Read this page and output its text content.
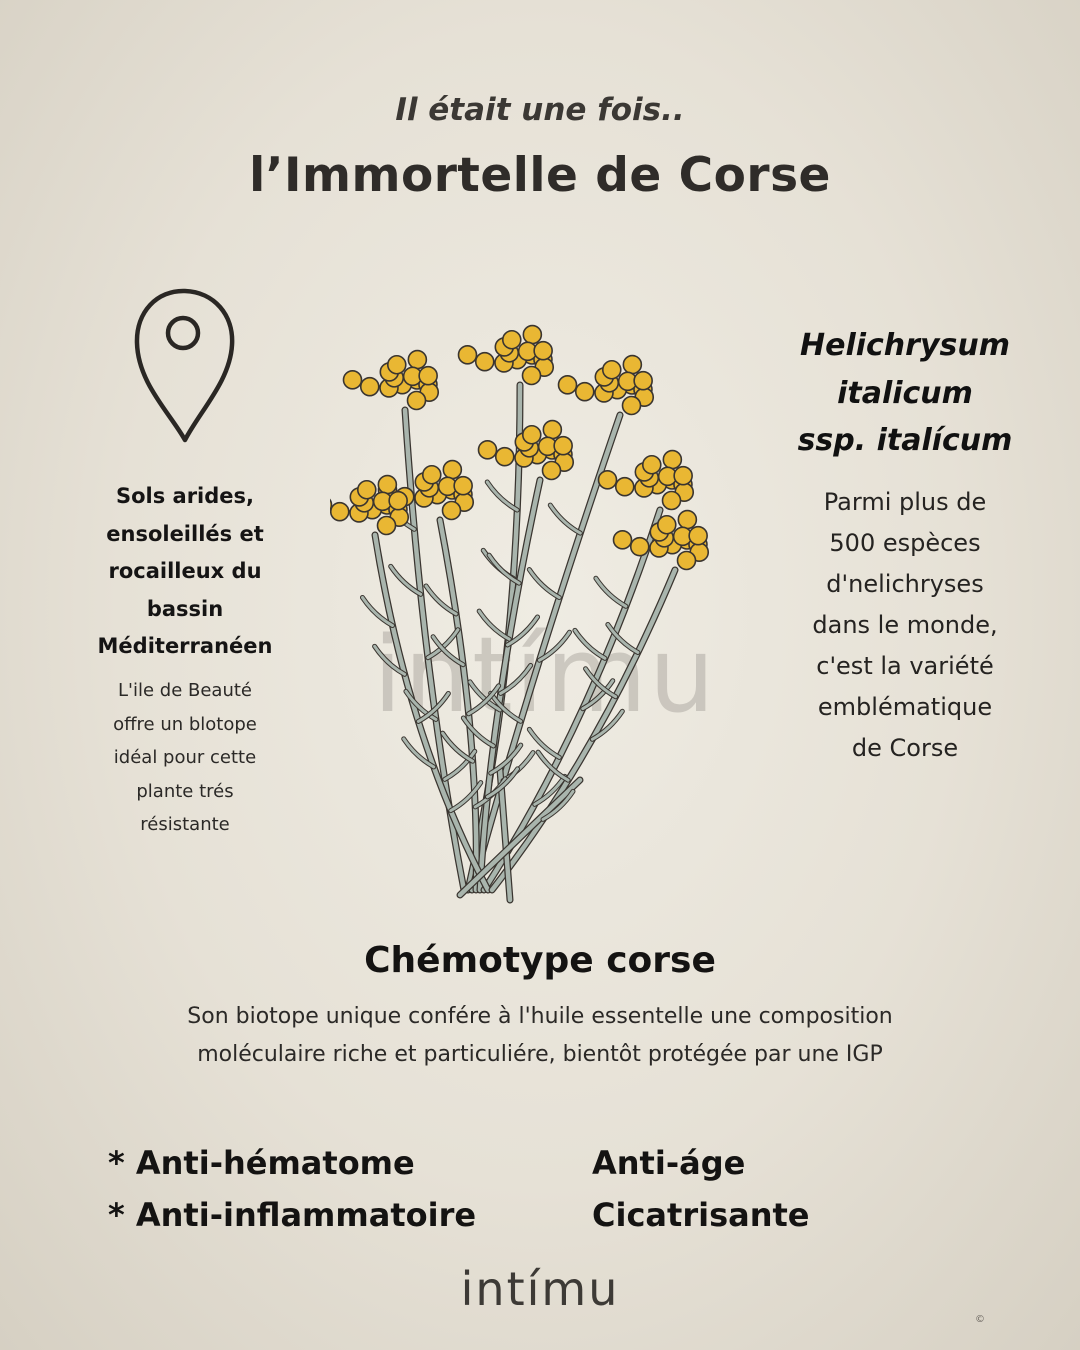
Il était une fois..
l’Immortelle de Corse
Sols arides,
ensoleillés et
rocailleux du
bassin
Méditerranéen
L'ile de Beauté
offre un blotope
idéal pour cette
plante trés
résistante
Helichrysum
italicum
ssp. italícum
Parmi plus de
500 espèces
d'nelichryses
dans le monde,
c'est la variété
emblématique
de Corse
intímu
Chémotype corse
Son biotope unique confére à l'huile essentelle une composition
moléculaire riche et particuliére, bientôt protégée par une IGP
* Anti-hématome
* Anti-inflammatoire
Anti-áge
Cicatrisante
intímu
©
